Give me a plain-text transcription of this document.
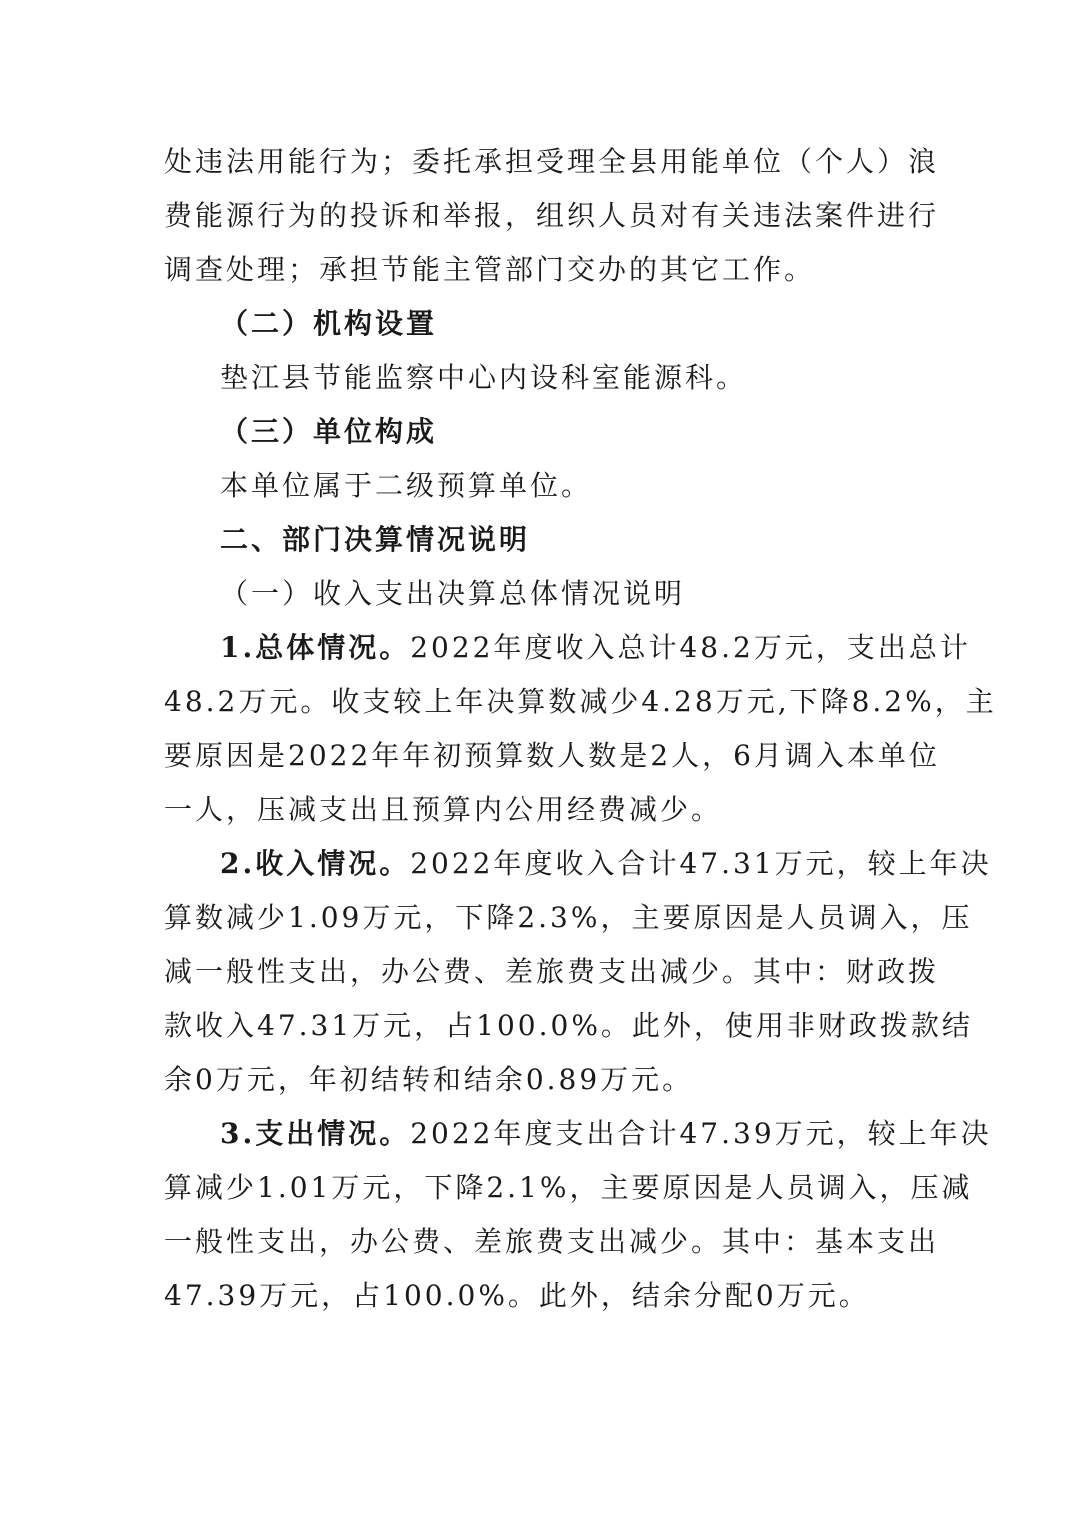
处违法用能行为；委托承担受理全县用能单位（个人）浪
费能源行为的投诉和举报，组织人员对有关违法案件进行
调查处理；承担节能主管部门交办的其它工作。
（二）机构设置
垫江县节能监察中心内设科室能源科。
（三）单位构成
本单位属于二级预算单位。
二、部门决算情况说明
（一）收入支出决算总体情况说明
1.总体情况。2022年度收入总计48.2万元，支出总计
48.2万元。收支较上年决算数减少4.28万元,下降8.2%，主
要原因是2022年年初预算数人数是2人，6月调入本单位
一人，压减支出且预算内公用经费减少。
2.收入情况。2022年度收入合计47.31万元，较上年决
算数减少1.09万元，下降2.3%，主要原因是人员调入，压
减一般性支出，办公费、差旅费支出减少。其中：财政拨
款收入47.31万元，占100.0%。此外，使用非财政拨款结
余0万元，年初结转和结余0.89万元。
3.支出情况。2022年度支出合计47.39万元，较上年决
算减少1.01万元，下降2.1%，主要原因是人员调入，压减
一般性支出，办公费、差旅费支出减少。其中：基本支出
47.39万元，占100.0%。此外，结余分配0万元。
